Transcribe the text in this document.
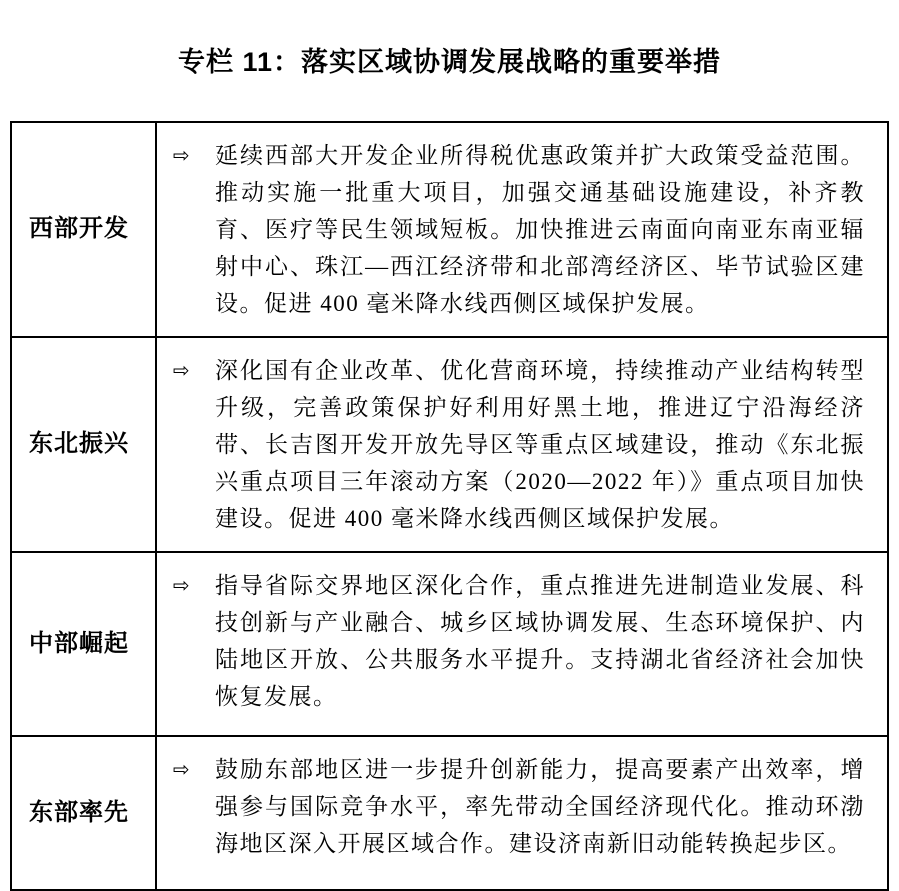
专栏 11：落实区域协调发展战略的重要举措
西部开发
⇨	延续西部大开发企业所得税优惠政策并扩大政策受益范围。推动实施一批重大项目，加强交通基础设施建设，补齐教育、医疗等民生领域短板。加快推进云南面向南亚东南亚辐射中心、珠江—西江经济带和北部湾经济区、毕节试验区建设。促进 400 毫米降水线西侧区域保护发展。

东北振兴
⇨	深化国有企业改革、优化营商环境，持续推动产业结构转型升级，完善政策保护好利用好黑土地，推进辽宁沿海经济带、长吉图开发开放先导区等重点区域建设，推动《东北振兴重点项目三年滚动方案（2020—2022 年）》重点项目加快建设。促进 400 毫米降水线西侧区域保护发展。

中部崛起
⇨	指导省际交界地区深化合作，重点推进先进制造业发展、科技创新与产业融合、城乡区域协调发展、生态环境保护、内陆地区开放、公共服务水平提升。支持湖北省经济社会加快恢复发展。

东部率先
⇨	鼓励东部地区进一步提升创新能力，提高要素产出效率，增强参与国际竞争水平，率先带动全国经济现代化。推动环渤海地区深入开展区域合作。建设济南新旧动能转换起步区。
